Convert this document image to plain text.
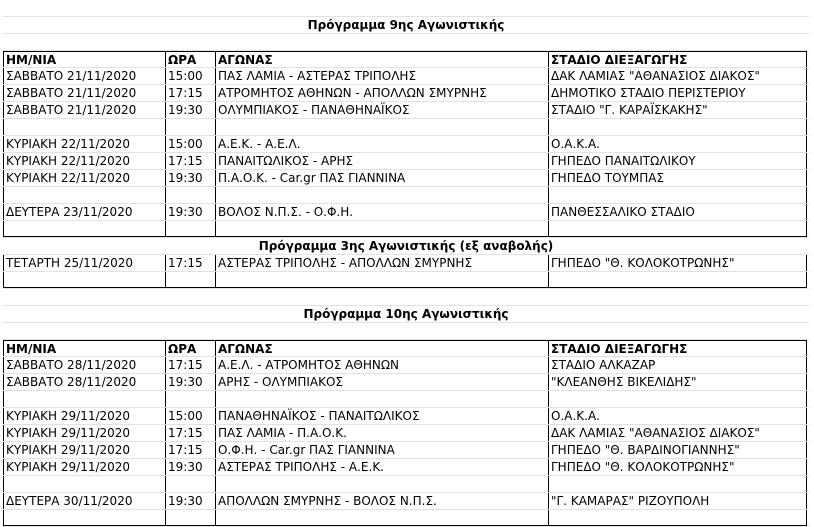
Πρόγραμμα 9ης Αγωνιστικής
ΗΜ/ΝΙΑ	ΩΡΑ	ΑΓΩΝΑΣ	ΣΤΑΔΙΟ ΔΙΕΞΑΓΩΓΗΣ
ΣΑΒΒΑΤΟ 21/11/2020	15:00	ΠΑΣ ΛΑΜΙΑ - ΑΣΤΕΡΑΣ ΤΡΙΠΟΛΗΣ	ΔΑΚ ΛΑΜΙΑΣ "ΑΘΑΝΑΣΙΟΣ ΔΙΑΚΟΣ"
ΣΑΒΒΑΤΟ 21/11/2020	17:15	ΑΤΡΟΜΗΤΟΣ ΑΘΗΝΩΝ - ΑΠΟΛΛΩΝ ΣΜΥΡΝΗΣ	ΔΗΜΟΤΙΚΟ ΣΤΑΔΙΟ ΠΕΡΙΣΤΕΡΙΟΥ
ΣΑΒΒΑΤΟ 21/11/2020	19:30	ΟΛΥΜΠΙΑΚΟΣ - ΠΑΝΑΘΗΝΑΪΚΟΣ	ΣΤΑΔΙΟ "Γ. ΚΑΡΑΪΣΚΑΚΗΣ"
ΚΥΡΙΑΚΗ 22/11/2020	15:00	Α.Ε.Κ. - Α.Ε.Λ.	Ο.Α.Κ.Α.
ΚΥΡΙΑΚΗ 22/11/2020	17:15	ΠΑΝΑΙΤΩΛΙΚΟΣ - ΑΡΗΣ	ΓΗΠΕΔΟ ΠΑΝΑΙΤΩΛΙΚΟΥ
ΚΥΡΙΑΚΗ 22/11/2020	19:30	Π.Α.Ο.Κ. - Car.gr ΠΑΣ ΓΙΑΝΝΙΝΑ	ΓΗΠΕΔΟ ΤΟΥΜΠΑΣ
ΔΕΥΤΕΡΑ 23/11/2020	19:30	ΒΟΛΟΣ Ν.Π.Σ. - Ο.Φ.Η.	ΠΑΝΘΕΣΣΑΛΙΚΟ ΣΤΑΔΙΟ
Πρόγραμμα 3ης Αγωνιστικής (εξ αναβολής)
ΤΕΤΑΡΤΗ 25/11/2020	17:15	ΑΣΤΕΡΑΣ ΤΡΙΠΟΛΗΣ - ΑΠΟΛΛΩΝ ΣΜΥΡΝΗΣ	ΓΗΠΕΔΟ "Θ. ΚΟΛΟΚΟΤΡΩΝΗΣ"
Πρόγραμμα 10ης Αγωνιστικής
ΗΜ/ΝΙΑ	ΩΡΑ	ΑΓΩΝΑΣ	ΣΤΑΔΙΟ ΔΙΕΞΑΓΩΓΗΣ
ΣΑΒΒΑΤΟ 28/11/2020	17:15	Α.Ε.Λ. - ΑΤΡΟΜΗΤΟΣ ΑΘΗΝΩΝ	ΣΤΑΔΙΟ ΑΛΚΑΖΑΡ
ΣΑΒΒΑΤΟ 28/11/2020	19:30	ΑΡΗΣ - ΟΛΥΜΠΙΑΚΟΣ	"ΚΛΕΑΝΘΗΣ ΒΙΚΕΛΙΔΗΣ"
ΚΥΡΙΑΚΗ 29/11/2020	15:00	ΠΑΝΑΘΗΝΑΪΚΟΣ - ΠΑΝΑΙΤΩΛΙΚΟΣ	Ο.Α.Κ.Α.
ΚΥΡΙΑΚΗ 29/11/2020	17:15	ΠΑΣ ΛΑΜΙΑ - Π.Α.Ο.Κ.	ΔΑΚ ΛΑΜΙΑΣ "ΑΘΑΝΑΣΙΟΣ ΔΙΑΚΟΣ"
ΚΥΡΙΑΚΗ 29/11/2020	17:15	Ο.Φ.Η. - Car.gr ΠΑΣ ΓΙΑΝΝΙΝΑ	ΓΗΠΕΔΟ "Θ. ΒΑΡΔΙΝΟΓΙΑΝΝΗΣ"
ΚΥΡΙΑΚΗ 29/11/2020	19:30	ΑΣΤΕΡΑΣ ΤΡΙΠΟΛΗΣ - Α.Ε.Κ.	ΓΗΠΕΔΟ "Θ. ΚΟΛΟΚΟΤΡΩΝΗΣ"
ΔΕΥΤΕΡΑ 30/11/2020	19:30	ΑΠΟΛΛΩΝ ΣΜΥΡΝΗΣ - ΒΟΛΟΣ Ν.Π.Σ.	"Γ. ΚΑΜΑΡΑΣ" ΡΙΖΟΥΠΟΛΗ
